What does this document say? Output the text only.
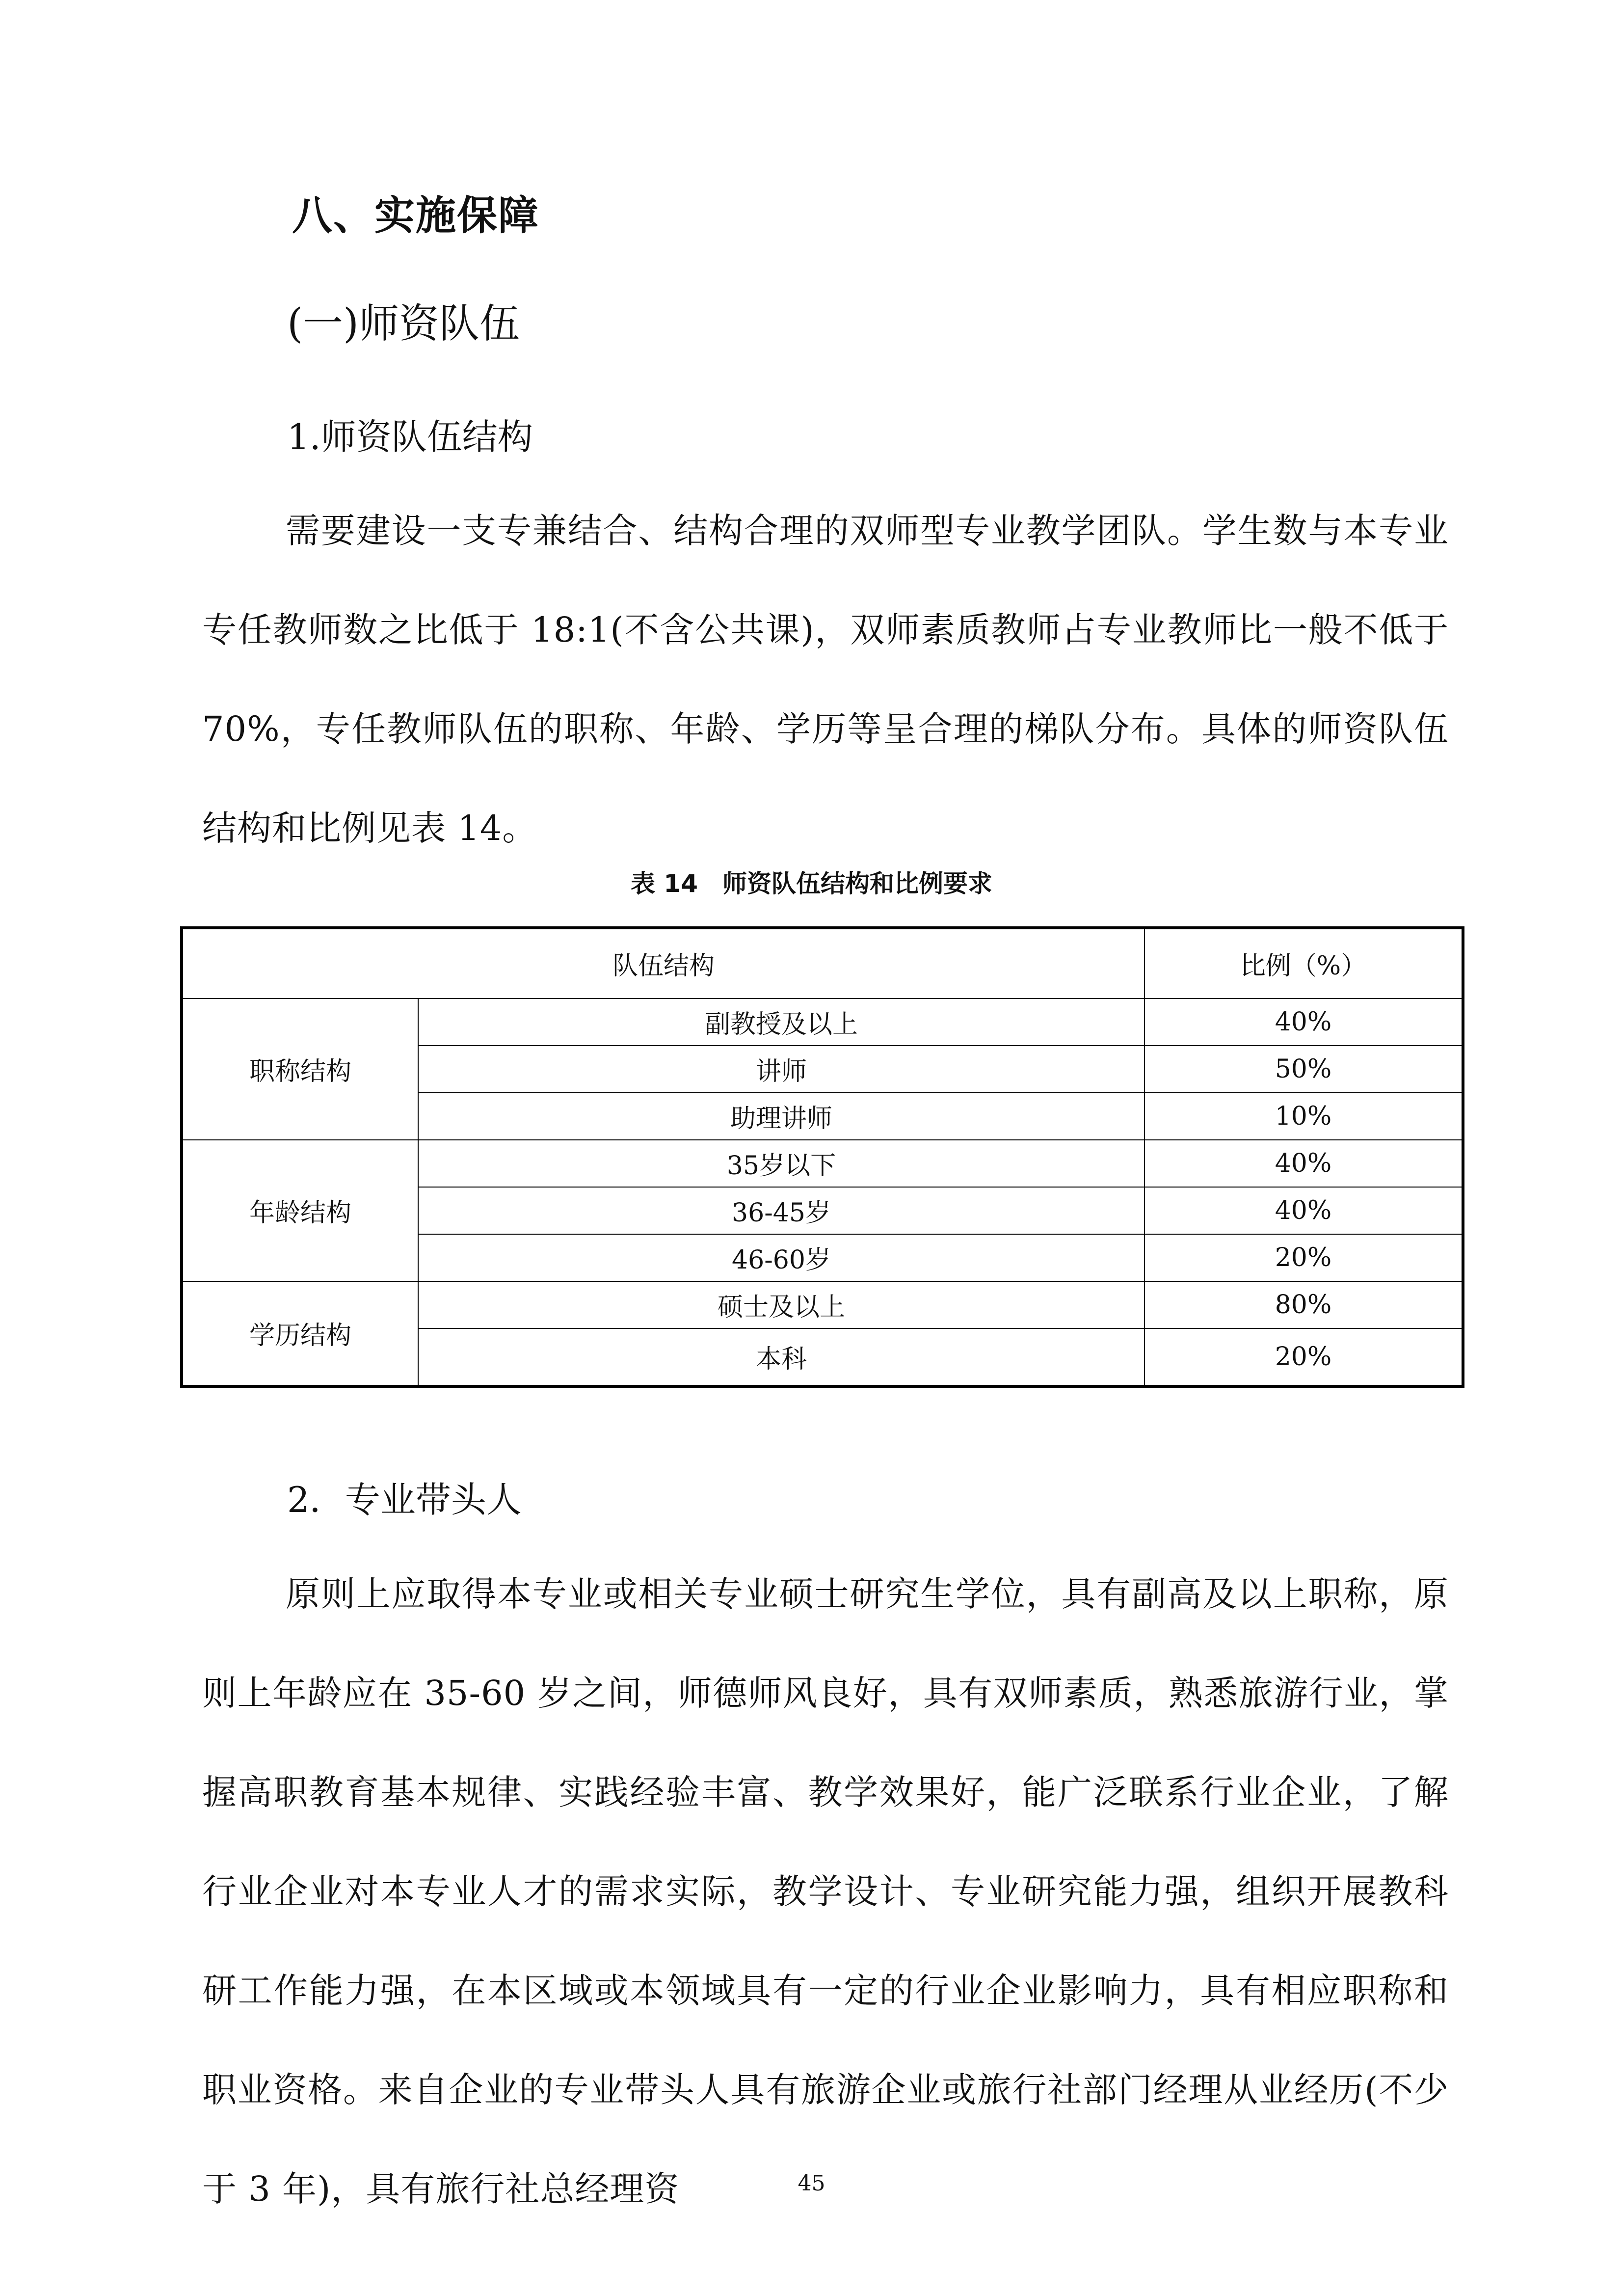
八、实施保障
(一)师资队伍
1.师资队伍结构

需要建设一支专兼结合、结构合理的双师型专业教学团队。学生数与本专业专任教师数之比低于 18:1(不含公共课)，双师素质教师占专业教师比一般不低于 70%，专任教师队伍的职称、年龄、学历等呈合理的梯队分布。具体的师资队伍结构和比例见表 14。

表 14　师资队伍结构和比例要求
队伍结构		比例（%）
职称结构	副教授及以上	40%
	讲师	50%
	助理讲师	10%
年龄结构	35岁以下	40%
	36-45岁	40%
	46-60岁	20%
学历结构	硕士及以上	80%
	本科	20%
2．专业带头人

原则上应取得本专业或相关专业硕士研究生学位，具有副高及以上职称，原则上年龄应在 35-60 岁之间，师德师风良好，具有双师素质，熟悉旅游行业，掌握高职教育基本规律、实践经验丰富、教学效果好，能广泛联系行业企业，了解行业企业对本专业人才的需求实际，教学设计、专业研究能力强，组织开展教科研工作能力强，在本区域或本领域具有一定的行业企业影响力，具有相应职称和职业资格。来自企业的专业带头人具有旅游企业或旅行社部门经理从业经历(不少于 3 年)，具有旅行社总经理资	45
